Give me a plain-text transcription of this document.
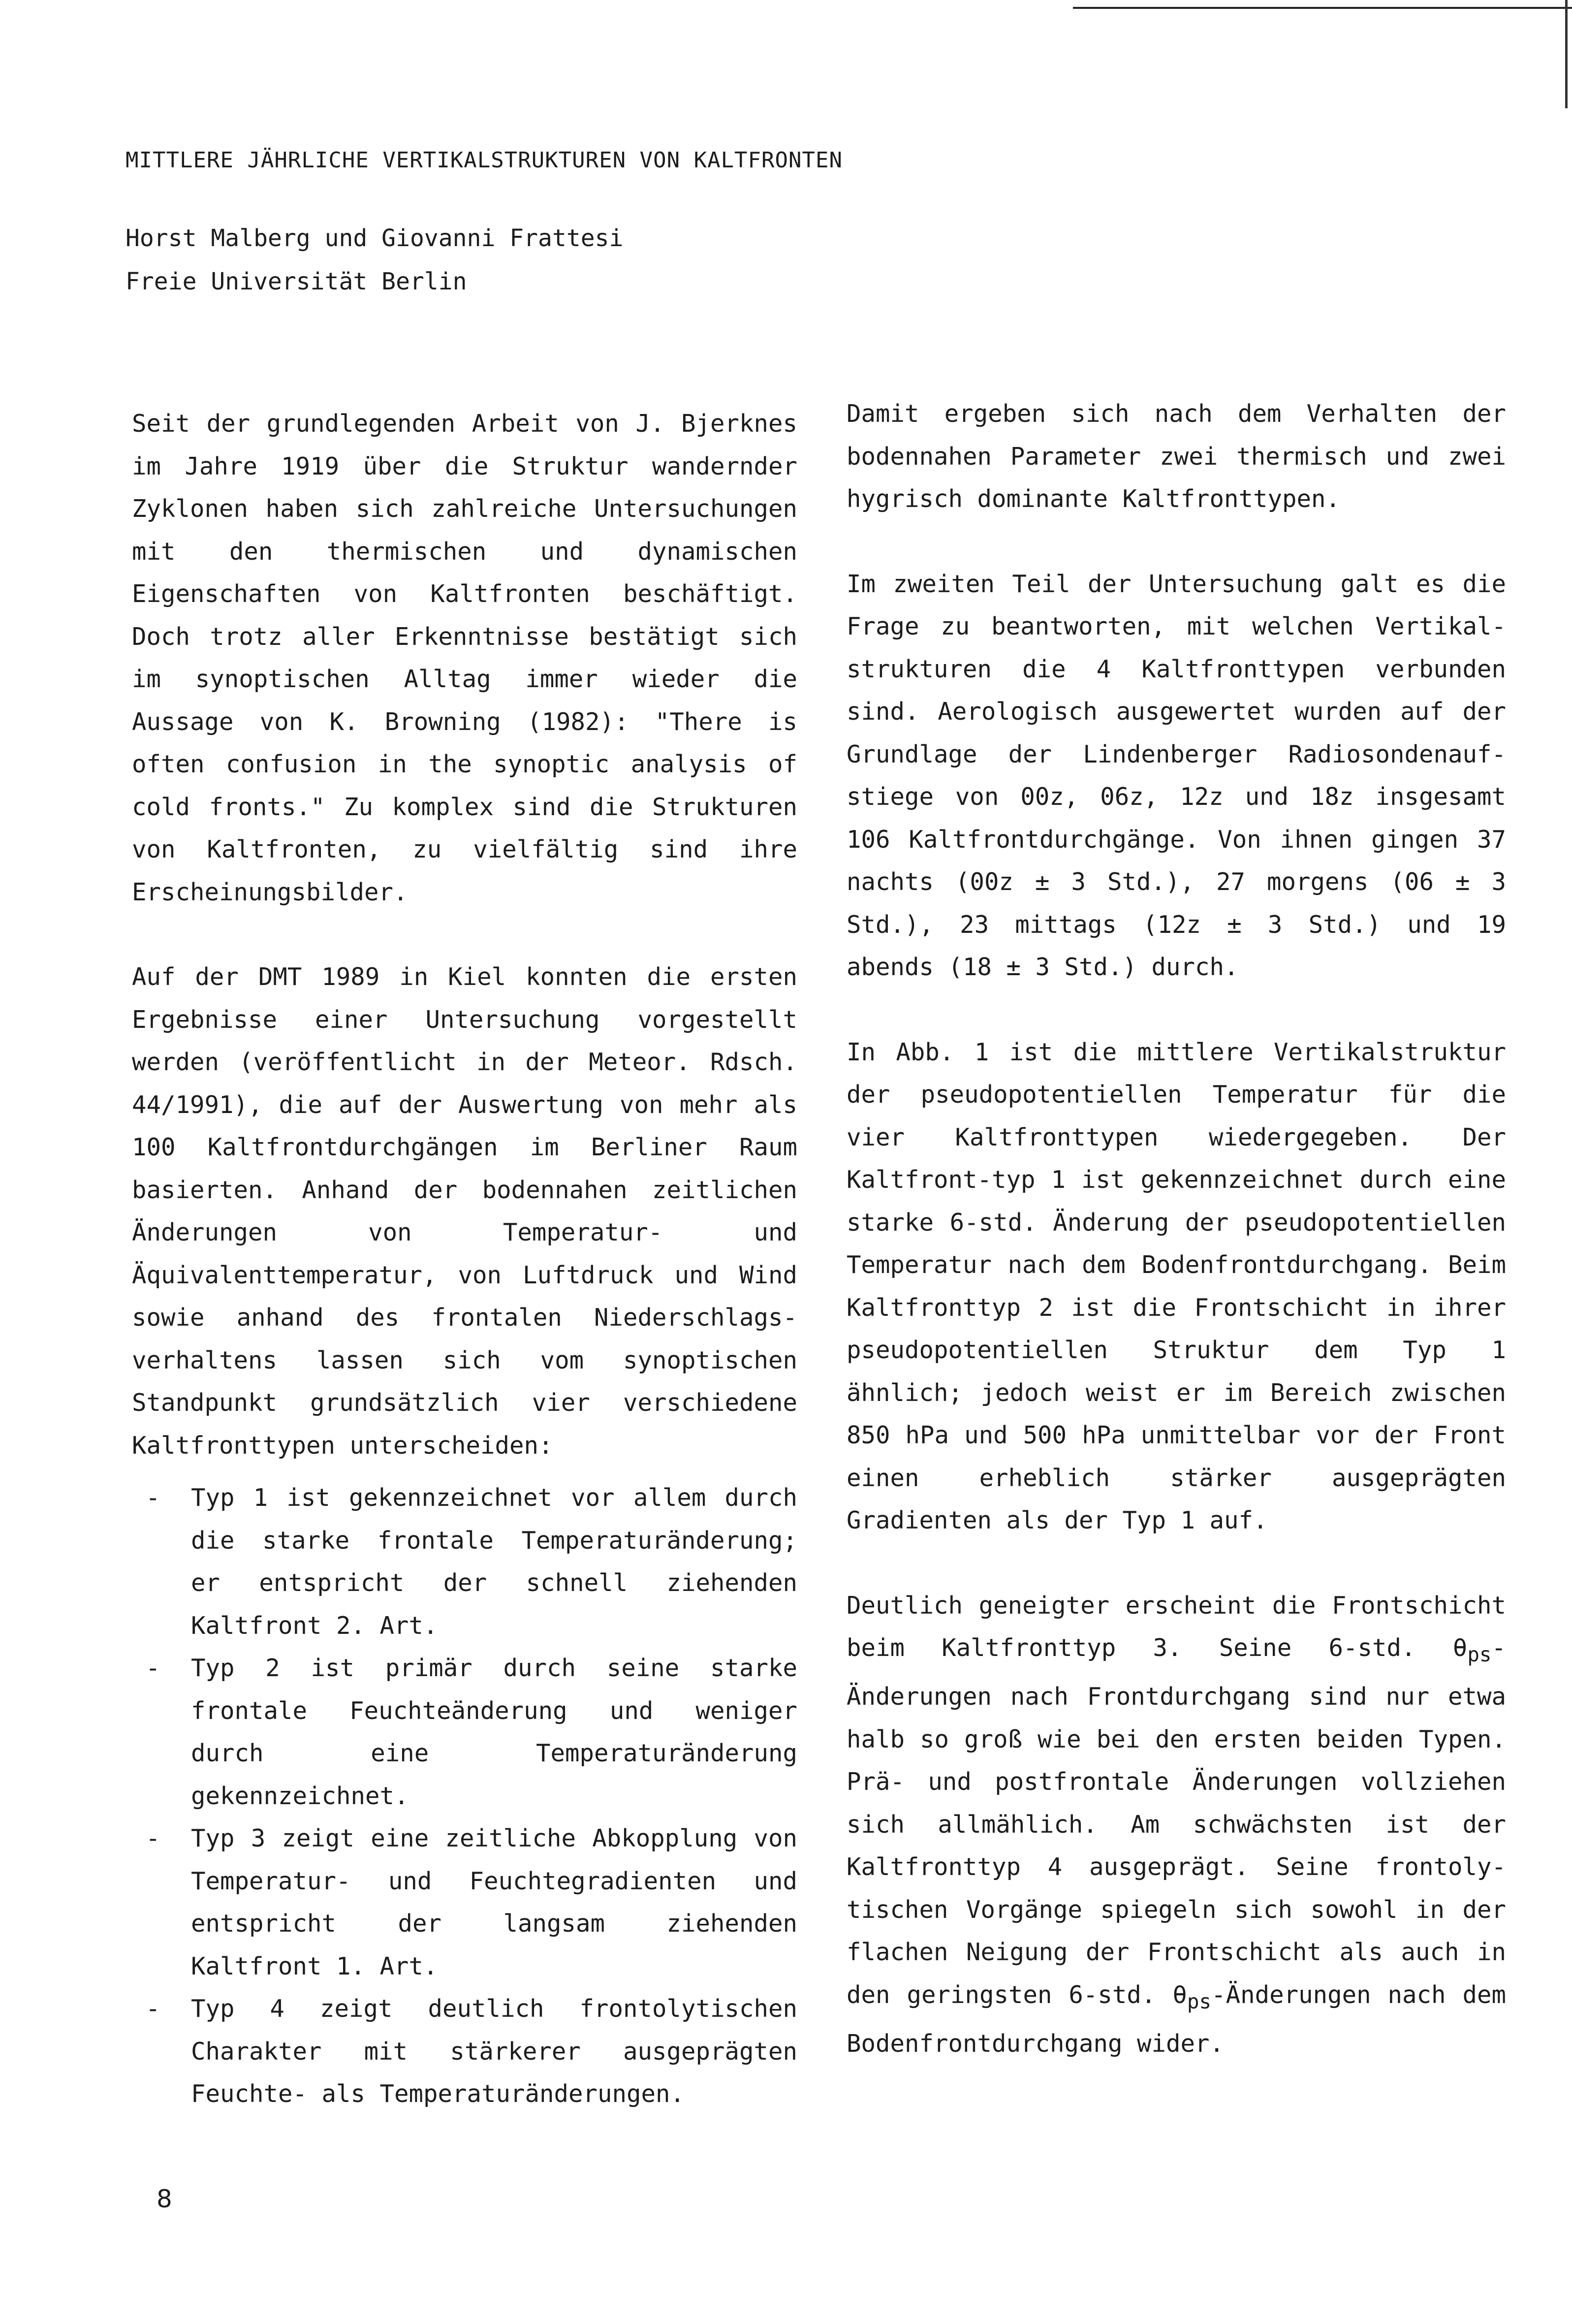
MITTLERE JÄHRLICHE VERTIKALSTRUKTUREN VON KALTFRONTEN
Horst Malberg und Giovanni Frattesi
Freie Universität Berlin

Seit der grundlegenden Arbeit von J. Bjerknes im Jahre 1919 über die Struktur wandernder Zyklonen haben sich zahlreiche Untersuchungen mit den thermischen und dynamischen Eigenschaften von Kaltfronten beschäftigt. Doch trotz aller Erkenntnisse bestätigt sich im synoptischen Alltag immer wieder die Aussage von K. Browning (1982): "There is often confusion in the synoptic analysis of cold fronts." Zu komplex sind die Strukturen von Kaltfronten, zu vielfältig sind ihre Erscheinungsbilder.

Auf der DMT 1989 in Kiel konnten die ersten Ergebnisse einer Untersuchung vorgestellt werden (veröffentlicht in der Meteor. Rdsch. 44/1991), die auf der Auswertung von mehr als 100 Kaltfrontdurchgängen im Berliner Raum basierten. Anhand der bodennahen zeitlichen Änderungen von Temperatur- und Äquivalenttemperatur, von Luftdruck und Wind sowie anhand des frontalen Niederschlags-verhaltens lassen sich vom synoptischen Standpunkt grundsätzlich vier verschiedene Kaltfronttypen unterscheiden:

- Typ 1 ist gekennzeichnet vor allem durch die starke frontale Temperaturänderung; er entspricht der schnell ziehenden Kaltfront 2. Art.
- Typ 2 ist primär durch seine starke frontale Feuchteänderung und weniger durch eine Temperaturänderung gekennzeichnet.
- Typ 3 zeigt eine zeitliche Abkopplung von Temperatur- und Feuchtegradienten und entspricht der langsam ziehenden Kaltfront 1. Art.
- Typ 4 zeigt deutlich frontolytischen Charakter mit stärkerer ausgeprägten Feuchte- als Temperaturänderungen.

Damit ergeben sich nach dem Verhalten der bodennahen Parameter zwei thermisch und zwei hygrisch dominante Kaltfronttypen.

Im zweiten Teil der Untersuchung galt es die Frage zu beantworten, mit welchen Vertikal-strukturen die 4 Kaltfronttypen verbunden sind. Aerologisch ausgewertet wurden auf der Grundlage der Lindenberger Radiosondenauf-stiege von 00z, 06z, 12z und 18z insgesamt 106 Kaltfrontdurchgänge. Von ihnen gingen 37 nachts (00z ± 3 Std.), 27 morgens (06 ± 3 Std.), 23 mittags (12z ± 3 Std.) und 19 abends (18 ± 3 Std.) durch.

In Abb. 1 ist die mittlere Vertikalstruktur der pseudopotentiellen Temperatur für die vier Kaltfronttypen wiedergegeben. Der Kaltfront-typ 1 ist gekennzeichnet durch eine starke 6-std. Änderung der pseudopotentiellen Temperatur nach dem Bodenfrontdurchgang. Beim Kaltfronttyp 2 ist die Frontschicht in ihrer pseudopotentiellen Struktur dem Typ 1 ähnlich; jedoch weist er im Bereich zwischen 850 hPa und 500 hPa unmittelbar vor der Front einen erheblich stärker ausgeprägten Gradienten als der Typ 1 auf.

Deutlich geneigter erscheint die Frontschicht beim Kaltfronttyp 3. Seine 6-std. $\theta_{ps}$-Änderungen nach Frontdurchgang sind nur etwa halb so groß wie bei den ersten beiden Typen. Prä- und postfrontale Änderungen vollziehen sich allmählich. Am schwächsten ist der Kaltfronttyp 4 ausgeprägt. Seine frontoly-tischen Vorgänge spiegeln sich sowohl in der flachen Neigung der Frontschicht als auch in den geringsten 6-std. $\theta_{ps}$-Änderungen nach dem Bodenfrontdurchgang wider.

8
